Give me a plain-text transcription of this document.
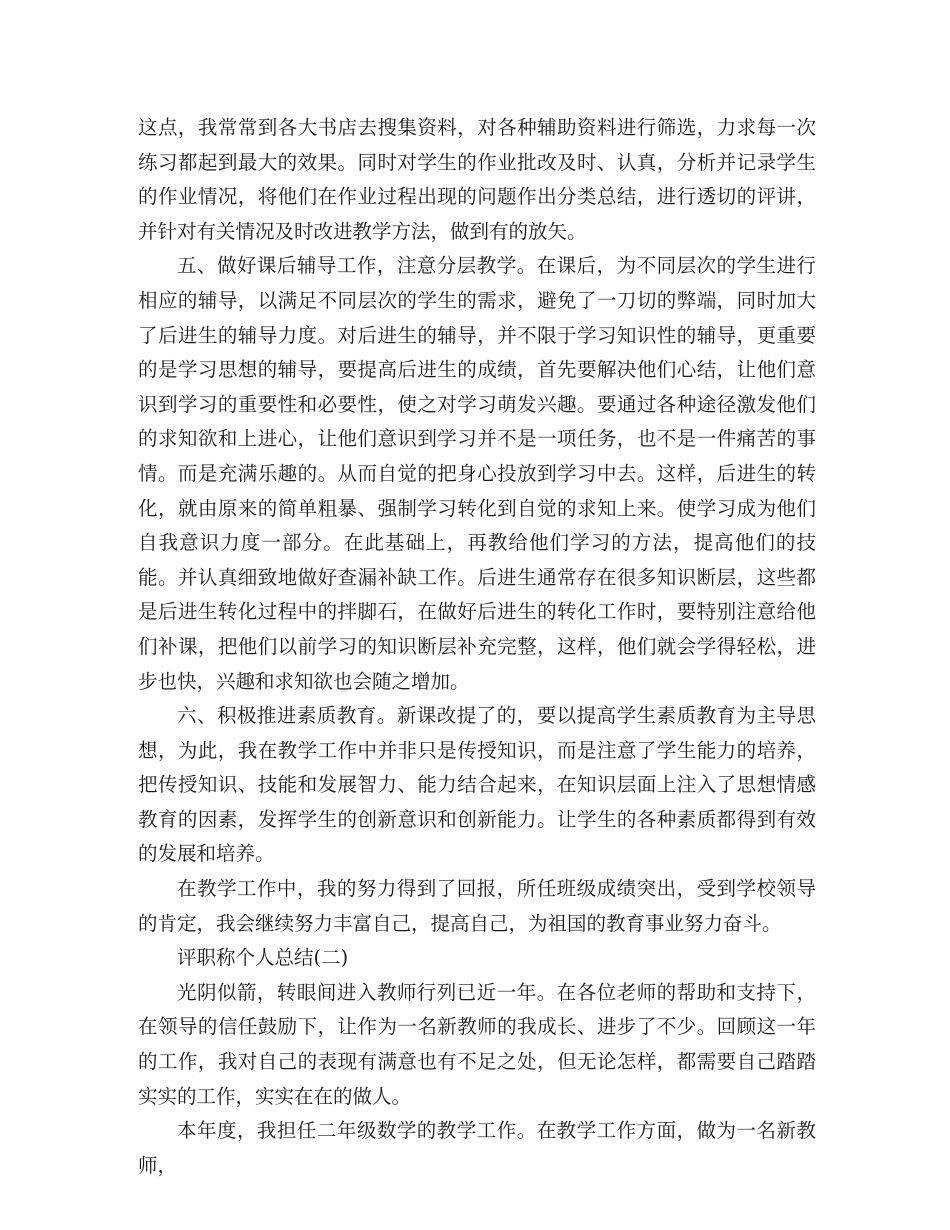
这点，我常常到各大书店去搜集资料，对各种辅助资料进行筛选，力求每一次练习都起到最大的效果。同时对学生的作业批改及时、认真，分析并记录学生的作业情况，将他们在作业过程出现的问题作出分类总结，进行透切的评讲，并针对有关情况及时改进教学方法，做到有的放矢。

五、做好课后辅导工作，注意分层教学。在课后，为不同层次的学生进行相应的辅导，以满足不同层次的学生的需求，避免了一刀切的弊端，同时加大了后进生的辅导力度。对后进生的辅导，并不限于学习知识性的辅导，更重要的是学习思想的辅导，要提高后进生的成绩，首先要解决他们心结，让他们意识到学习的重要性和必要性，使之对学习萌发兴趣。要通过各种途径激发他们的求知欲和上进心，让他们意识到学习并不是一项任务，也不是一件痛苦的事情。而是充满乐趣的。从而自觉的把身心投放到学习中去。这样，后进生的转化，就由原来的简单粗暴、强制学习转化到自觉的求知上来。使学习成为他们自我意识力度一部分。在此基础上，再教给他们学习的方法，提高他们的技能。并认真细致地做好查漏补缺工作。后进生通常存在很多知识断层，这些都是后进生转化过程中的拌脚石，在做好后进生的转化工作时，要特别注意给他们补课，把他们以前学习的知识断层补充完整，这样，他们就会学得轻松，进步也快，兴趣和求知欲也会随之增加。

六、积极推进素质教育。新课改提了的，要以提高学生素质教育为主导思想，为此，我在教学工作中并非只是传授知识，而是注意了学生能力的培养，把传授知识、技能和发展智力、能力结合起来，在知识层面上注入了思想情感教育的因素，发挥学生的创新意识和创新能力。让学生的各种素质都得到有效的发展和培养。

在教学工作中，我的努力得到了回报，所任班级成绩突出，受到学校领导的肯定，我会继续努力丰富自己，提高自己，为祖国的教育事业努力奋斗。

评职称个人总结(二)

光阴似箭，转眼间进入教师行列已近一年。在各位老师的帮助和支持下，在领导的信任鼓励下，让作为一名新教师的我成长、进步了不少。回顾这一年的工作，我对自己的表现有满意也有不足之处，但无论怎样，都需要自己踏踏实实的工作，实实在在的做人。

本年度，我担任二年级数学的教学工作。在教学工作方面，做为一名新教师，
